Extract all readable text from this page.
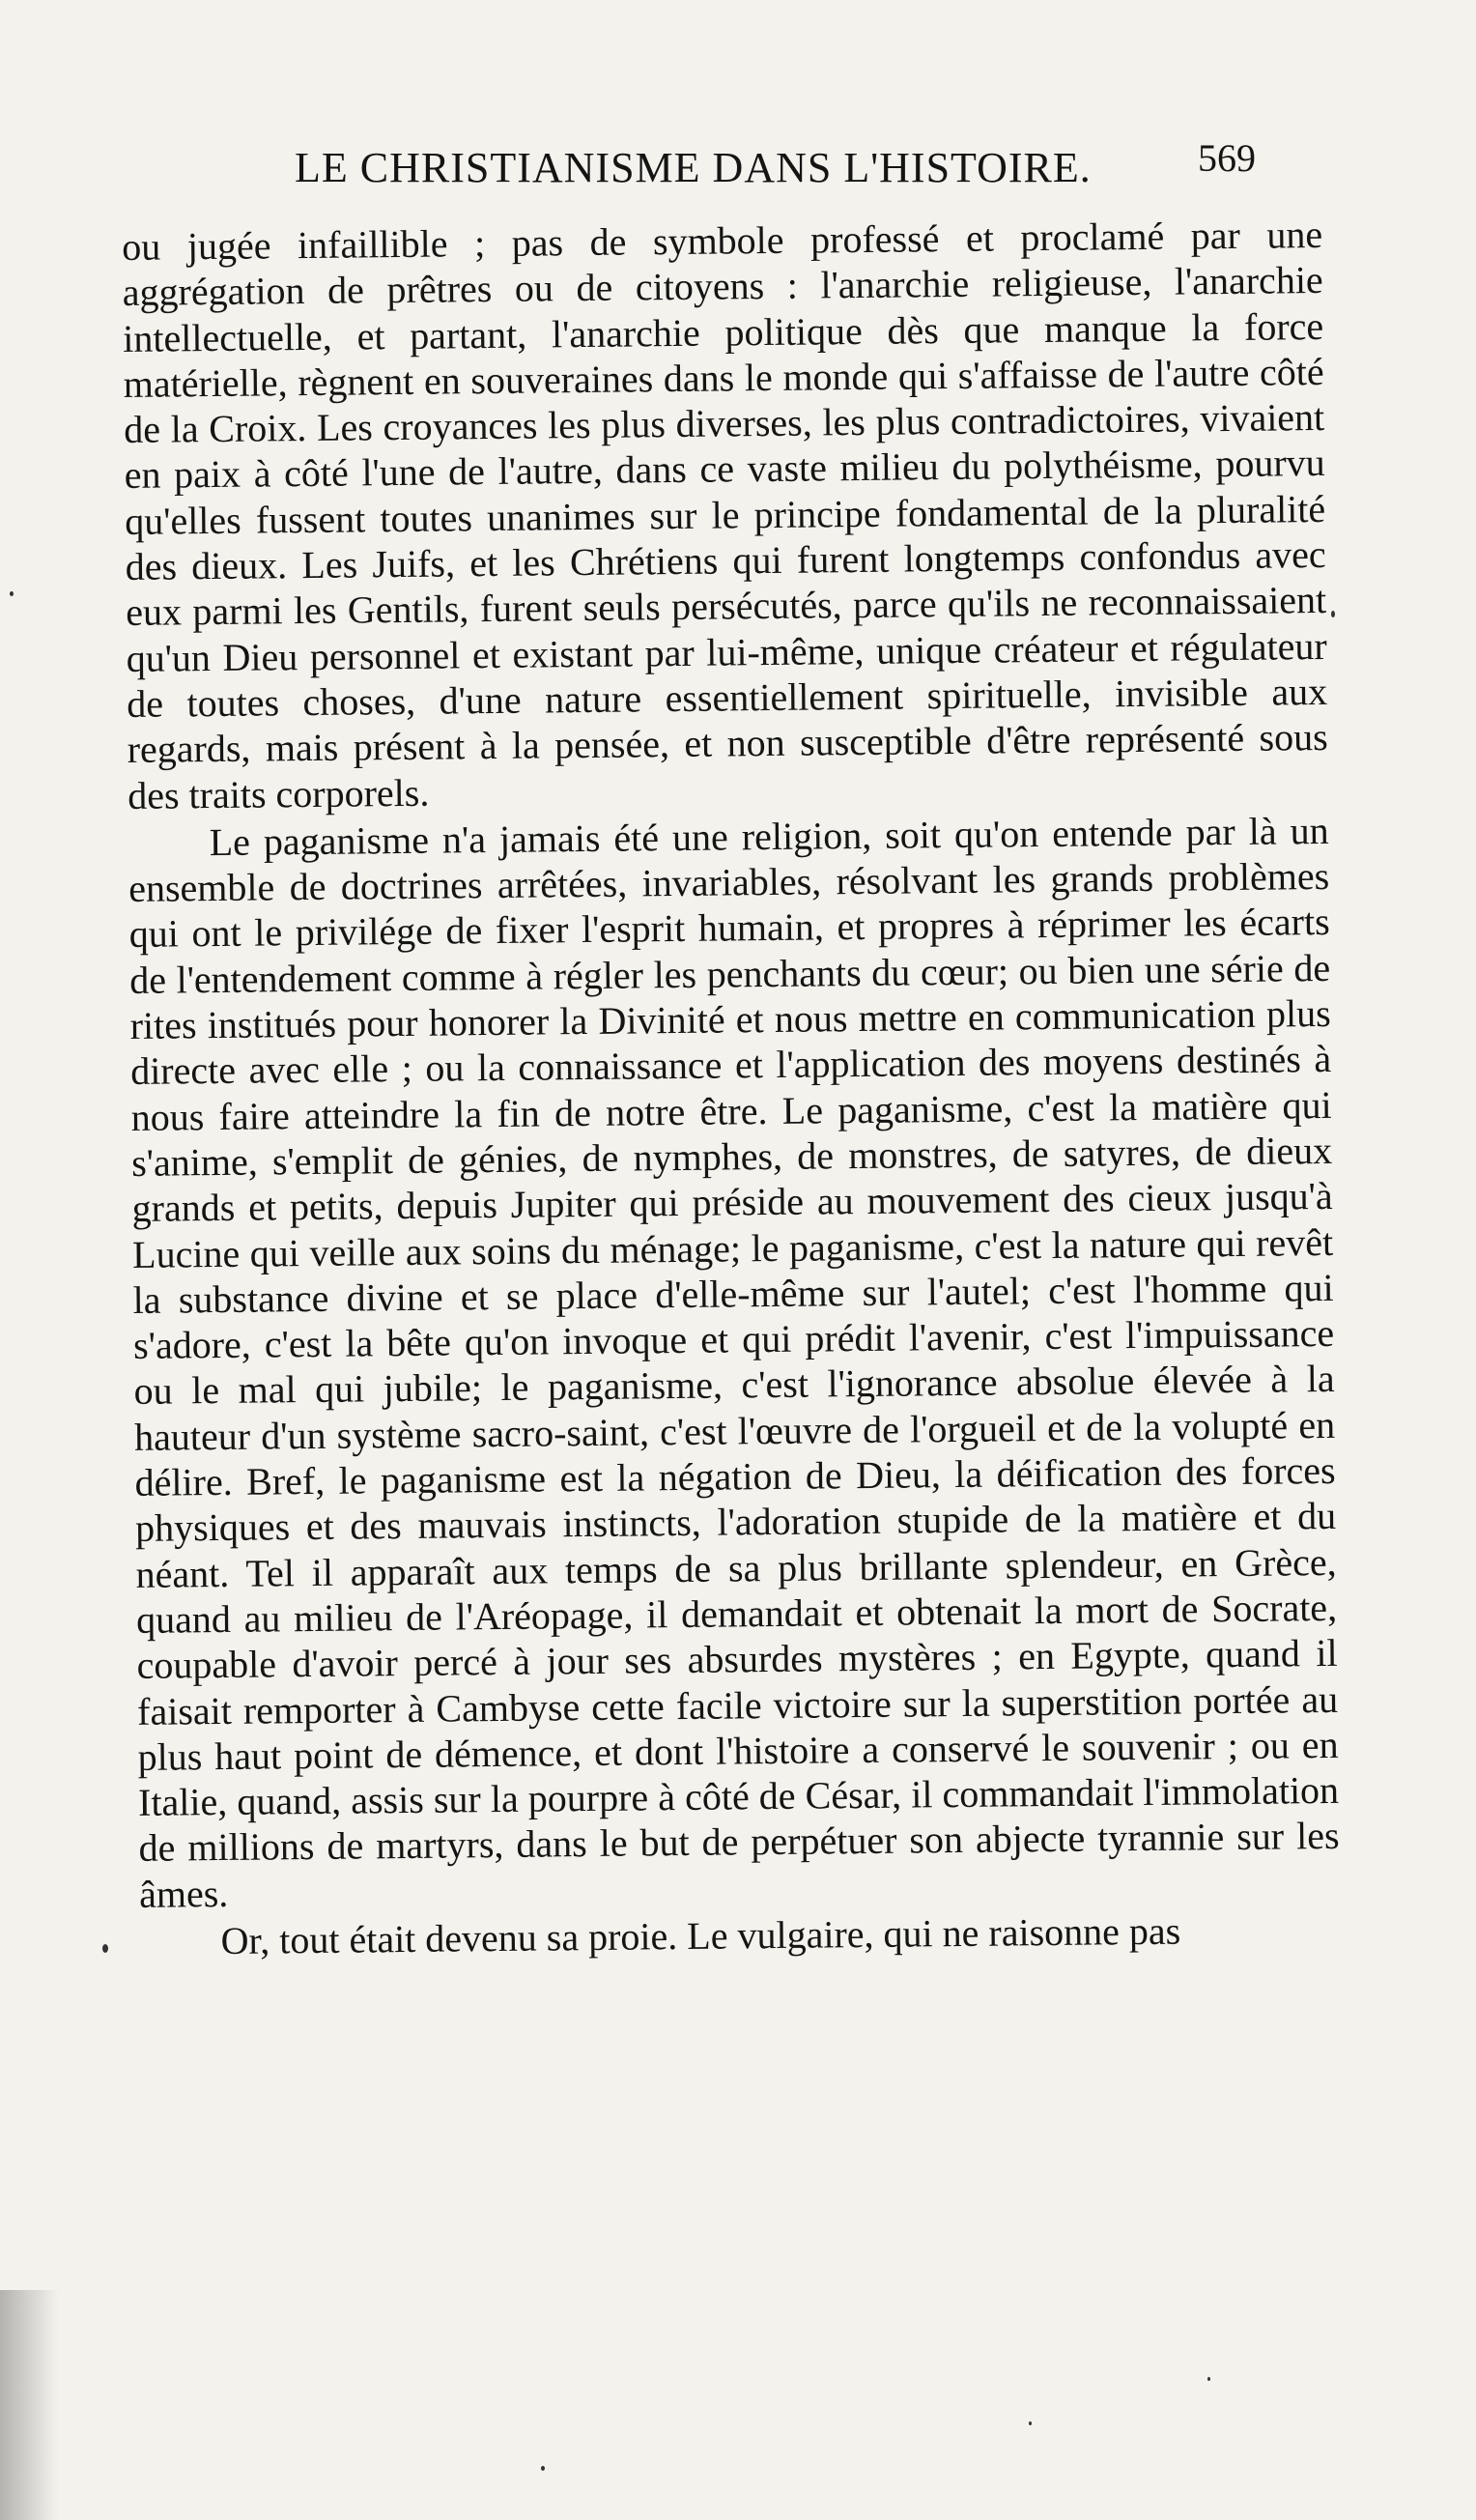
LE CHRISTIANISME DANS L'HISTOIRE.	569

ou jugée infaillible ; pas de symbole professé et proclamé par une aggrégation de prêtres ou de citoyens : l'anarchie religieuse, l'anarchie intellectuelle, et partant, l'anarchie politique dès que manque la force matérielle, règnent en souveraines dans le monde qui s'affaisse de l'autre côté de la Croix. Les croyances les plus diverses, les plus contradictoires, vivaient en paix à côté l'une de l'autre, dans ce vaste milieu du polythéisme, pourvu qu'elles fussent toutes unanimes sur le principe fondamental de la pluralité des dieux. Les Juifs, et les Chrétiens qui furent longtemps confondus avec eux parmi les Gentils, furent seuls persécutés, parce qu'ils ne reconnaissaient qu'un Dieu personnel et existant par lui-même, unique créateur et régulateur de toutes choses, d'une nature essentiellement spirituelle, invisible aux regards, mais présent à la pensée, et non susceptible d'être représenté sous des traits corporels.

Le paganisme n'a jamais été une religion, soit qu'on entende par là un ensemble de doctrines arrêtées, invariables, résolvant les grands problèmes qui ont le privilége de fixer l'esprit humain, et propres à réprimer les écarts de l'entendement comme à régler les penchants du cœur; ou bien une série de rites institués pour honorer la Divinité et nous mettre en communication plus directe avec elle ; ou la connaissance et l'application des moyens destinés à nous faire atteindre la fin de notre être. Le paganisme, c'est la matière qui s'anime, s'emplit de génies, de nymphes, de monstres, de satyres, de dieux grands et petits, depuis Jupiter qui préside au mouvement des cieux jusqu'à Lucine qui veille aux soins du ménage; le paganisme, c'est la nature qui revêt la substance divine et se place d'elle-même sur l'autel; c'est l'homme qui s'adore, c'est la bête qu'on invoque et qui prédit l'avenir, c'est l'impuissance ou le mal qui jubile; le paganisme, c'est l'ignorance absolue élevée à la hauteur d'un système sacro-saint, c'est l'œuvre de l'orgueil et de la volupté en délire. Bref, le paganisme est la négation de Dieu, la déification des forces physiques et des mauvais instincts, l'adoration stupide de la matière et du néant. Tel il apparaît aux temps de sa plus brillante splendeur, en Grèce, quand au milieu de l'Aréopage, il demandait et obtenait la mort de Socrate, coupable d'avoir percé à jour ses absurdes mystères ; en Egypte, quand il faisait remporter à Cambyse cette facile victoire sur la superstition portée au plus haut point de démence, et dont l'histoire a conservé le souvenir ; ou en Italie, quand, assis sur la pourpre à côté de César, il commandait l'immolation de millions de martyrs, dans le but de perpétuer son abjecte tyrannie sur les âmes.

Or, tout était devenu sa proie. Le vulgaire, qui ne raisonne pas
